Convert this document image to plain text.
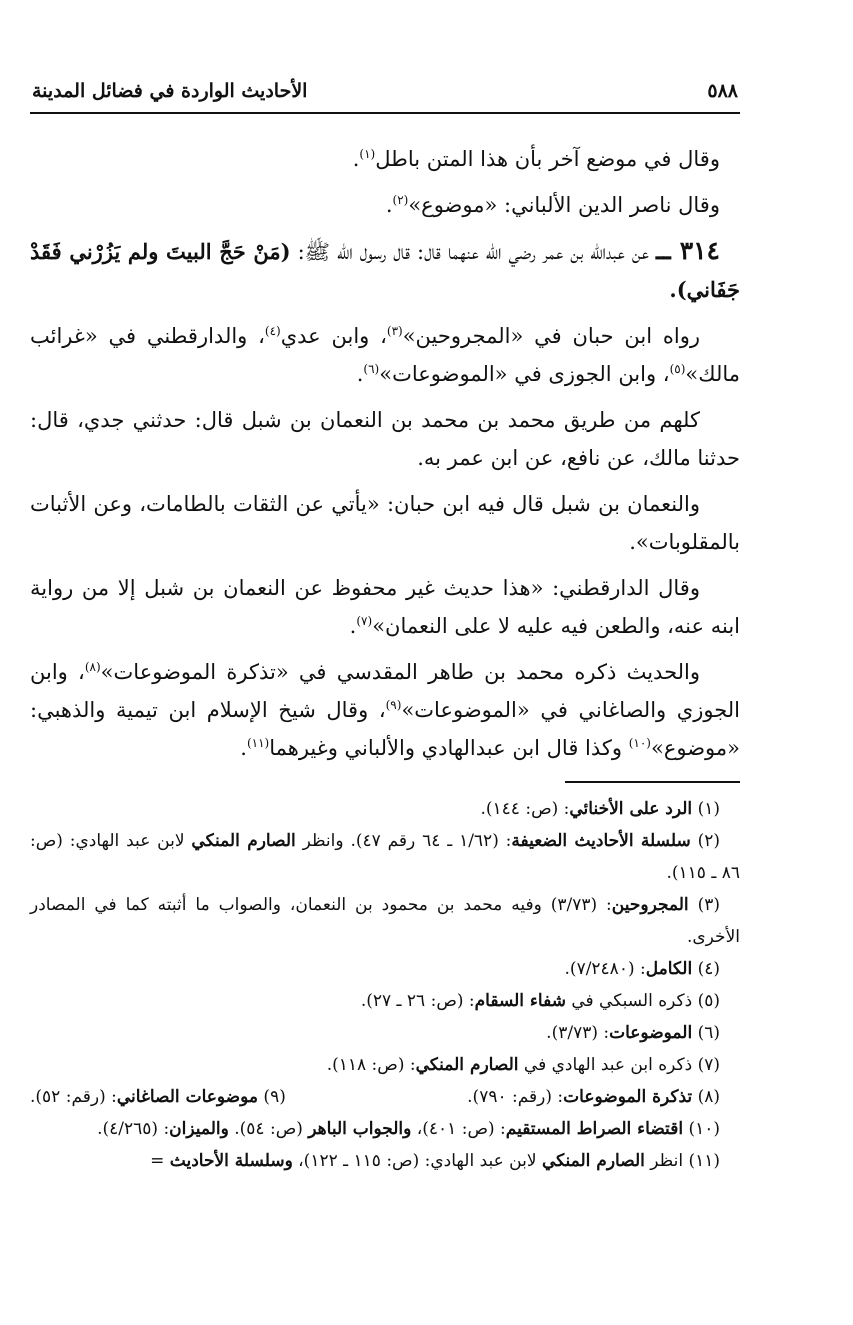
٥٨٨
الأحاديث الواردة في فضائل المدينة

وقال في موضع آخر بأن هذا المتن باطل$^{(١)}$.

وقال ناصر الدين الألباني: «موضوع»$^{(٢)}$.

٣١٤ ــ عن عبدالله بن عمر رضي الله عنهما قال: قال رسول الله ﷺ: (مَنْ حَجَّ البيتَ ولم يَزُرْني فَقَدْ جَفَاني).

رواه ابن حبان في «المجروحين»$^{(٣)}$، وابن عدي$^{(٤)}$، والدارقطني في «غرائب مالك»$^{(٥)}$، وابن الجوزى في «الموضوعات»$^{(٦)}$.

كلهم من طريق محمد بن محمد بن النعمان بن شبل قال: حدثني جدي، قال: حدثنا مالك، عن نافع، عن ابن عمر به.

والنعمان بن شبل قال فيه ابن حبان: «يأتي عن الثقات بالطامات، وعن الأثبات بالمقلوبات».

وقال الدارقطني: «هذا حديث غير محفوظ عن النعمان بن شبل إلا من رواية ابنه عنه، والطعن فيه عليه لا على النعمان»$^{(٧)}$.

والحديث ذكره محمد بن طاهر المقدسي في «تذكرة الموضوعات»$^{(٨)}$، وابن الجوزي والصاغاني في «الموضوعات»$^{(٩)}$، وقال شيخ الإسلام ابن تيمية والذهبي: «موضوع»$^{(١٠)}$ وكذا قال ابن عبدالهادي والألباني وغيرهما$^{(١١)}$.

(١) الرد على الأخنائي: (ص: ١٤٤).

(٢) سلسلة الأحاديث الضعيفة: (١/٦٢ ـ ٦٤ رقم ٤٧). وانظر الصارم المنكي لابن عبد الهادي: (ص: ٨٦ ـ ١١٥).

(٣) المجروحين: (٣/٧٣) وفيه محمد بن محمود بن النعمان، والصواب ما أثبته كما في المصادر الأخرى.

(٤) الكامل: (٧/٢٤٨٠).

(٥) ذكره السبكي في شفاء السقام: (ص: ٢٦ ـ ٢٧).

(٦) الموضوعات: (٣/٧٣).

(٧) ذكره ابن عبد الهادي في الصارم المنكي: (ص: ١١٨).

(٨) تذكرة الموضوعات: (رقم: ٧٩٠).
(٩) موضوعات الصاغاني: (رقم: ٥٢).

(١٠) اقتضاء الصراط المستقيم: (ص: ٤٠١)، والجواب الباهر (ص: ٥٤). والميزان: (٤/٢٦٥).

(١١) انظر الصارم المنكي لابن عبد الهادي: (ص: ١١٥ ـ ١٢٢)، وسلسلة الأحاديث =
